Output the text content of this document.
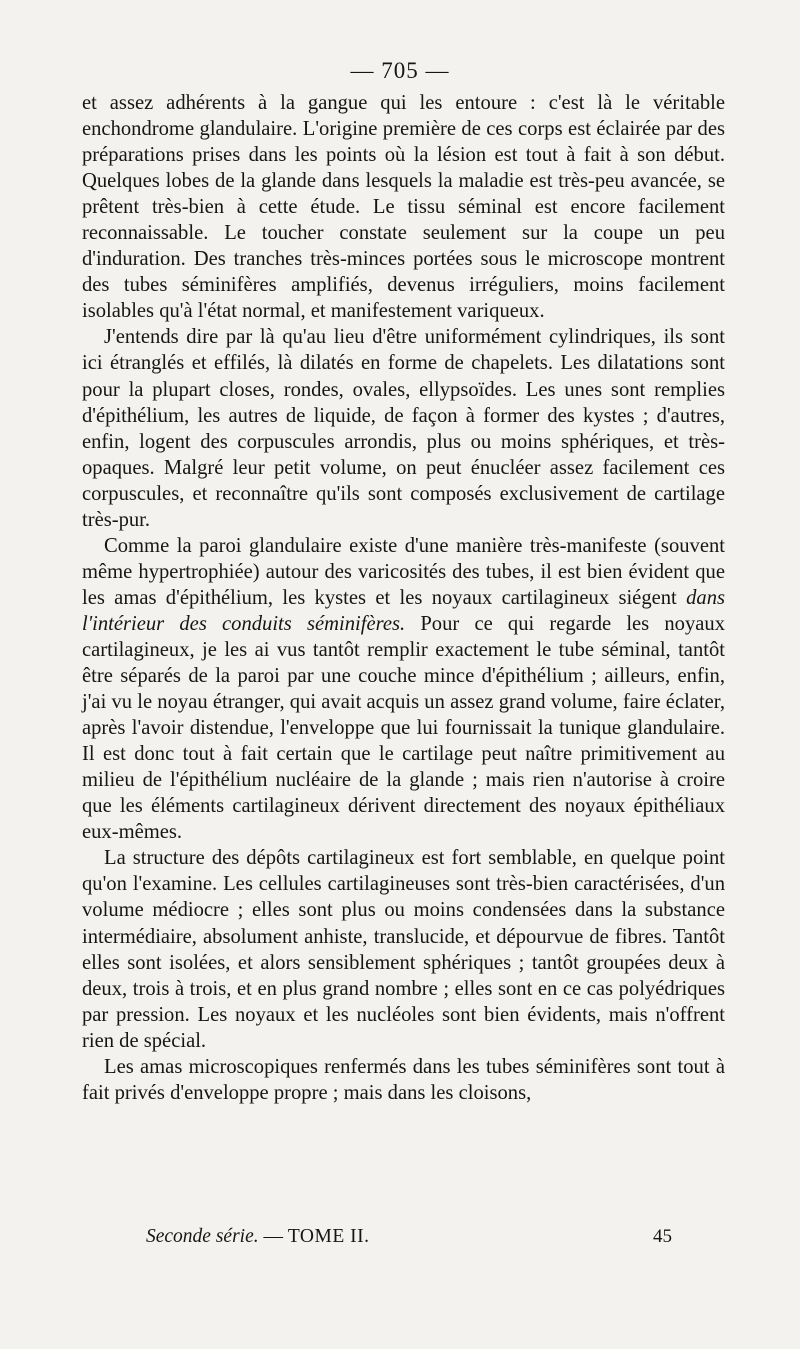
— 705 —

et assez adhérents à la gangue qui les entoure : c'est là le véritable enchondrome glandulaire. L'origine première de ces corps est éclairée par des préparations prises dans les points où la lésion est tout à fait à son début. Quelques lobes de la glande dans lesquels la maladie est très-peu avancée, se prêtent très-bien à cette étude. Le tissu séminal est encore facilement reconnaissable. Le toucher constate seulement sur la coupe un peu d'induration. Des tranches très-minces portées sous le microscope montrent des tubes séminifères amplifiés, devenus irréguliers, moins facilement isolables qu'à l'état normal, et manifestement variqueux.

J'entends dire par là qu'au lieu d'être uniformément cylindriques, ils sont ici étranglés et effilés, là dilatés en forme de chapelets. Les dilatations sont pour la plupart closes, rondes, ovales, ellypsoïdes. Les unes sont remplies d'épithélium, les autres de liquide, de façon à former des kystes ; d'autres, enfin, logent des corpuscules arrondis, plus ou moins sphériques, et très-opaques. Malgré leur petit volume, on peut énucléer assez facilement ces corpuscules, et reconnaître qu'ils sont composés exclusivement de cartilage très-pur.

Comme la paroi glandulaire existe d'une manière très-manifeste (souvent même hypertrophiée) autour des varicosités des tubes, il est bien évident que les amas d'épithélium, les kystes et les noyaux cartilagineux siégent dans l'intérieur des conduits séminifères. Pour ce qui regarde les noyaux cartilagineux, je les ai vus tantôt remplir exactement le tube séminal, tantôt être séparés de la paroi par une couche mince d'épithélium ; ailleurs, enfin, j'ai vu le noyau étranger, qui avait acquis un assez grand volume, faire éclater, après l'avoir distendue, l'enveloppe que lui fournissait la tunique glandulaire. Il est donc tout à fait certain que le cartilage peut naître primitivement au milieu de l'épithélium nucléaire de la glande ; mais rien n'autorise à croire que les éléments cartilagineux dérivent directement des noyaux épithéliaux eux-mêmes.

La structure des dépôts cartilagineux est fort semblable, en quelque point qu'on l'examine. Les cellules cartilagineuses sont très-bien caractérisées, d'un volume médiocre ; elles sont plus ou moins condensées dans la substance intermédiaire, absolument anhiste, translucide, et dépourvue de fibres. Tantôt elles sont isolées, et alors sensiblement sphériques ; tantôt groupées deux à deux, trois à trois, et en plus grand nombre ; elles sont en ce cas polyédriques par pression. Les noyaux et les nucléoles sont bien évidents, mais n'offrent rien de spécial.

Les amas microscopiques renfermés dans les tubes séminifères sont tout à fait privés d'enveloppe propre ; mais dans les cloisons,

Seconde série. — TOME II.	45
